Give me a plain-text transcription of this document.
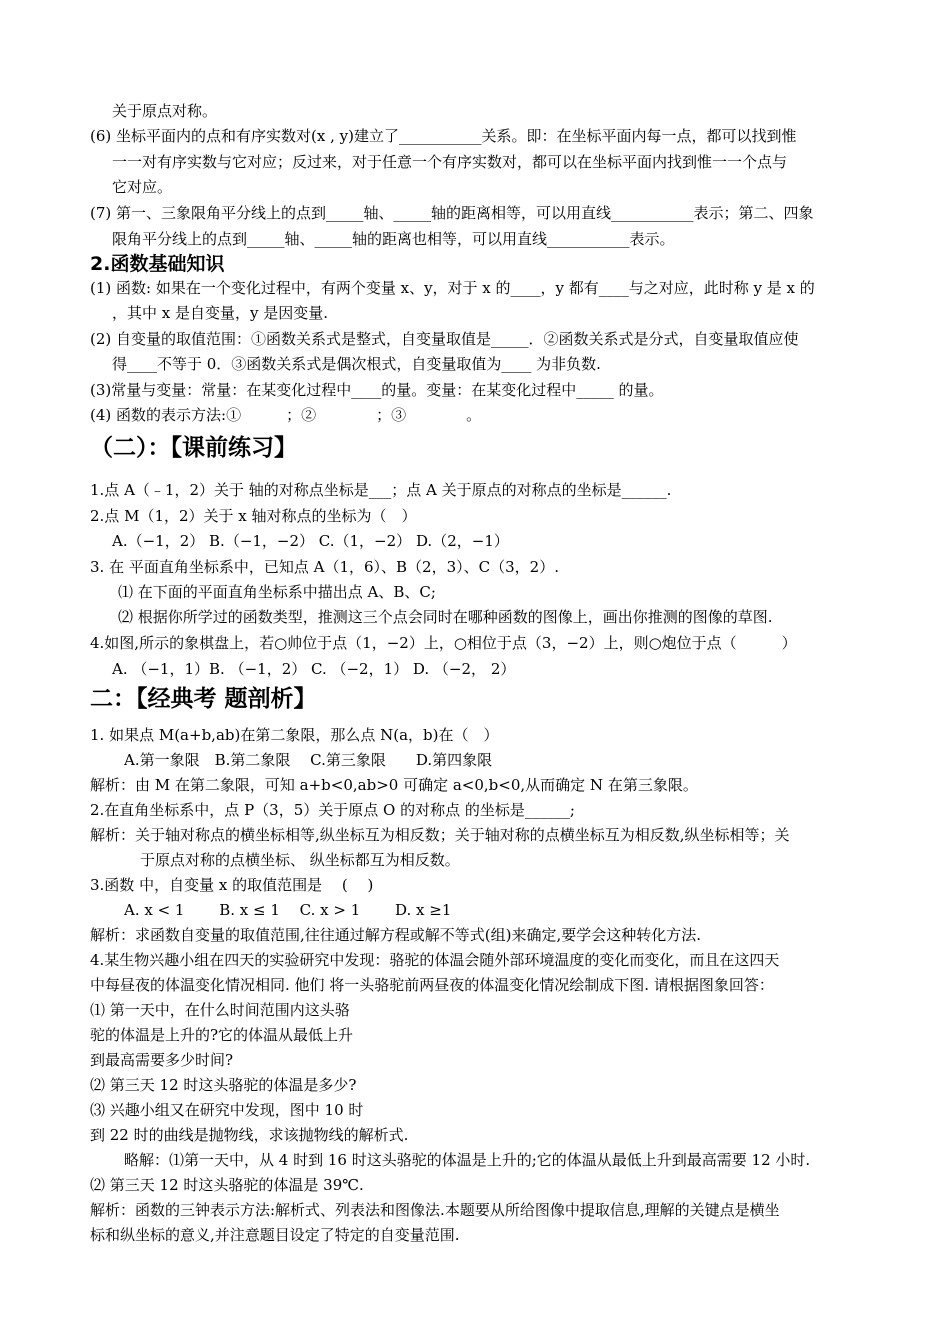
关于原点对称。
(6) 坐标平面内的点和有序实数对(x , y)建立了___________关系。即：在坐标平面内每一点，都可以找到惟
一一对有序实数与它对应；反过来，对于任意一个有序实数对，都可以在坐标平面内找到惟一一个点与
它对应。
(7) 第一、三象限角平分线上的点到_____轴、_____轴的距离相等，可以用直线___________表示；第二、四象
限角平分线上的点到_____轴、_____轴的距离也相等，可以用直线___________表示。
2.函数基础知识
(1) 函数: 如果在一个变化过程中，有两个变量 x、y，对于 x 的____，y 都有____与之对应，此时称 y 是 x 的
，其中 x 是自变量，y 是因变量.
(2) 自变量的取值范围：①函数关系式是整式，自变量取值是_____．②函数关系式是分式，自变量取值应使
得____不等于 0．③函数关系式是偶次根式，自变量取值为____ 为非负数.
(3)常量与变量：常量：在某变化过程中____的量。变量：在某变化过程中_____ 的量。
(4) 函数的表示方法:①　　　；②　　　　；③　　　　。
（二）：【课前练习】
1.点 A（﹣1，2）关于 轴的对称点坐标是___；点 A 关于原点的对称点的坐标是______.
2.点 M（1，2）关于 x 轴对称点的坐标为（　）
A.（−1，2） B.（−1，−2） C.（1，−2） D.（2，−1）
3. 在 平面直角坐标系中，已知点 A（1，6）、B（2，3）、C（3，2）.
⑴ 在下面的平面直角坐标系中描出点 A、B、C;
⑵ 根据你所学过的函数类型，推测这三个点会同时在哪种函数的图像上，画出你推测的图像的草图.
4.如图,所示的象棋盘上，若○帅位于点（1，−2）上，○相位于点（3，−2）上，则○炮位于点（　　　）
A. （−1，1）B. （−1，2） C. （−2，1） D. （−2， 2）
二：【经典考 题剖析】
1. 如果点 M(a+b,ab)在第二象限，那么点 N(a，b)在（　）
A.第一象限　B.第二象限　 C.第三象限　　D.第四象限
解析：由 M 在第二象限，可知 a+b<0,ab>0 可确定 a<0,b<0,从而确定 N 在第三象限。
2.在直角坐标系中，点 P（3，5）关于原点 O 的对称点 的坐标是______;
解析：关于轴对称点的横坐标相等,纵坐标互为相反数；关于轴对称的点横坐标互为相反数,纵坐标相等；关
于原点对称的点横坐标、 纵坐标都互为相反数。
3.函数 中，自变量 x 的取值范围是　 (　 )
A. x < 1　　 B. x ≤ 1　 C. x > 1　　 D. x ≥1
解析：求函数自变量的取值范围,往往通过解方程或解不等式(组)来确定,要学会这种转化方法.
4.某生物兴趣小组在四天的实验研究中发现：骆驼的体温会随外部环境温度的变化而变化，而且在这四天
中每昼夜的体温变化情况相同. 他们 将一头骆驼前两昼夜的体温变化情况绘制成下图. 请根据图象回答：
⑴ 第一天中，在什么时间范围内这头骆
驼的体温是上升的?它的体温从最低上升
到最高需要多少时间?
⑵ 第三天 12 时这头骆驼的体温是多少?
⑶ 兴趣小组又在研究中发现，图中 10 时
到 22 时的曲线是抛物线，求该抛物线的解析式.
略解：⑴第一天中，从 4 时到 16 时这头骆驼的体温是上升的;它的体温从最低上升到最高需要 12 小时.
⑵ 第三天 12 时这头骆驼的体温是 39℃.
解析：函数的三钟表示方法:解析式、列表法和图像法.本题要从所给图像中提取信息,理解的关键点是横坐
标和纵坐标的意义,并注意题目设定了特定的自变量范围.
